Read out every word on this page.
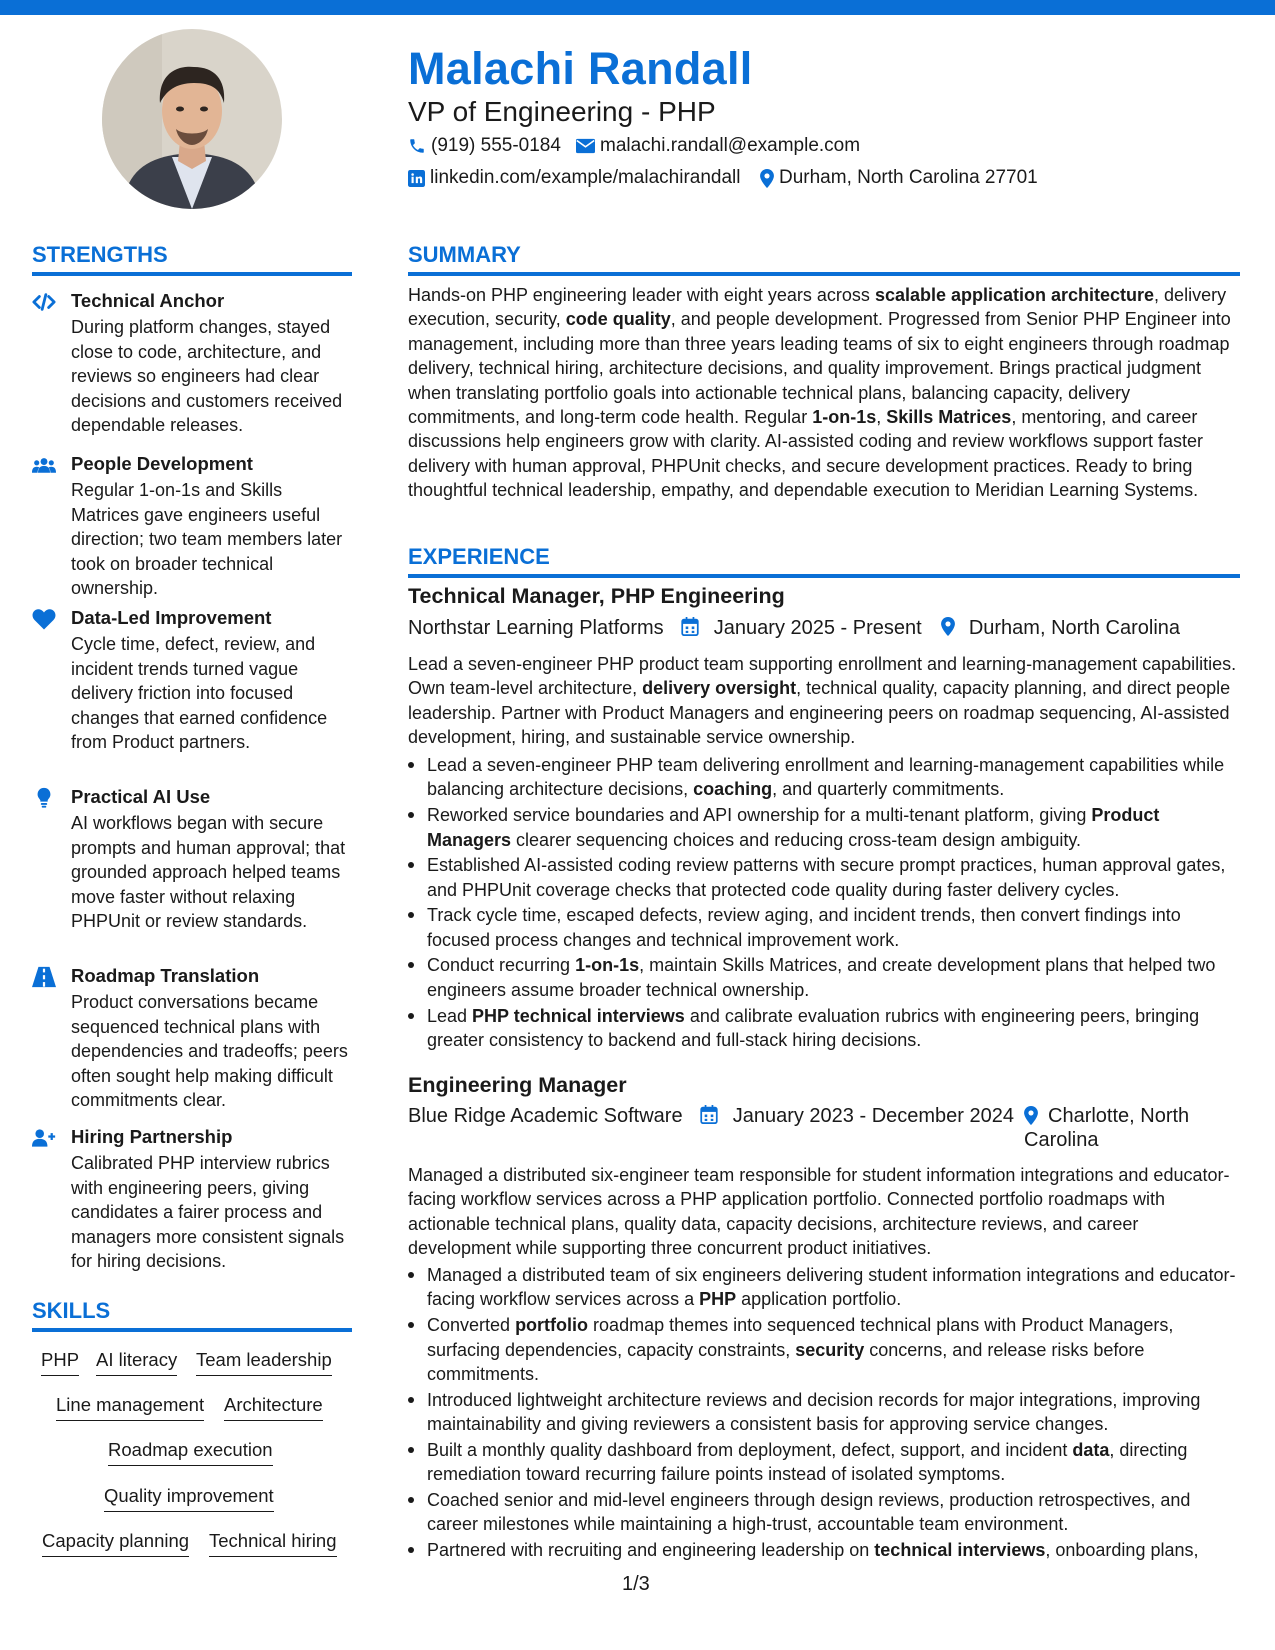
Malachi Randall
VP of Engineering - PHP
(919) 555-0184 malachi.randall@example.com
linkedin.com/example/malachirandall Durham, North Carolina 27701
STRENGTHS
Technical Anchor
During platform changes, stayed close to code, architecture, and reviews so engineers had clear decisions and customers received dependable releases.
People Development
Regular 1-on-1s and Skills Matrices gave engineers useful direction; two team members later took on broader technical ownership.
Data-Led Improvement
Cycle time, defect, review, and incident trends turned vague delivery friction into focused changes that earned confidence from Product partners.
Practical AI Use
AI workflows began with secure prompts and human approval; that grounded approach helped teams move faster without relaxing PHPUnit or review standards.
Roadmap Translation
Product conversations became sequenced technical plans with dependencies and tradeoffs; peers often sought help making difficult commitments clear.
Hiring Partnership
Calibrated PHP interview rubrics with engineering peers, giving candidates a fairer process and managers more consistent signals for hiring decisions.
SKILLS
PHP AI literacy Team leadership
Line management Architecture
Roadmap execution
Quality improvement
Capacity planning Technical hiring
SUMMARY
Hands-on PHP engineering leader with eight years across scalable application architecture, delivery execution, security, code quality, and people development. Progressed from Senior PHP Engineer into management, including more than three years leading teams of six to eight engineers through roadmap delivery, technical hiring, architecture decisions, and quality improvement. Brings practical judgment when translating portfolio goals into actionable technical plans, balancing capacity, delivery commitments, and long-term code health. Regular 1-on-1s, Skills Matrices, mentoring, and career discussions help engineers grow with clarity. AI-assisted coding and review workflows support faster delivery with human approval, PHPUnit checks, and secure development practices. Ready to bring thoughtful technical leadership, empathy, and dependable execution to Meridian Learning Systems.
EXPERIENCE
Technical Manager, PHP Engineering
Northstar Learning Platforms	January 2025 - Present Durham, North Carolina
Lead a seven-engineer PHP product team supporting enrollment and learning-management capabilities. Own team-level architecture, delivery oversight, technical quality, capacity planning, and direct people leadership. Partner with Product Managers and engineering peers on roadmap sequencing, AI-assisted development, hiring, and sustainable service ownership.
Lead a seven-engineer PHP team delivering enrollment and learning-management capabilities while balancing architecture decisions, coaching, and quarterly commitments.
Reworked service boundaries and API ownership for a multi-tenant platform, giving Product Managers clearer sequencing choices and reducing cross-team design ambiguity.
Established AI-assisted coding review patterns with secure prompt practices, human approval gates, and PHPUnit coverage checks that protected code quality during faster delivery cycles.
Track cycle time, escaped defects, review aging, and incident trends, then convert findings into focused process changes and technical improvement work.
Conduct recurring 1-on-1s, maintain Skills Matrices, and create development plans that helped two engineers assume broader technical ownership.
Lead PHP technical interviews and calibrate evaluation rubrics with engineering peers, bringing greater consistency to backend and full-stack hiring decisions.
Engineering Manager
Blue Ridge Academic Software	January 2023 - December 2024	Charlotte, North Carolina
Managed a distributed six-engineer team responsible for student information integrations and educator-facing workflow services across a PHP application portfolio. Connected portfolio roadmaps with actionable technical plans, quality data, capacity decisions, architecture reviews, and career development while supporting three concurrent product initiatives.
Managed a distributed team of six engineers delivering student information integrations and educator-facing workflow services across a PHP application portfolio.
Converted portfolio roadmap themes into sequenced technical plans with Product Managers, surfacing dependencies, capacity constraints, security concerns, and release risks before commitments.
Introduced lightweight architecture reviews and decision records for major integrations, improving maintainability and giving reviewers a consistent basis for approving service changes.
Built a monthly quality dashboard from deployment, defect, support, and incident data, directing remediation toward recurring failure points instead of isolated symptoms.
Coached senior and mid-level engineers through design reviews, production retrospectives, and career milestones while maintaining a high-trust, accountable team environment.
Partnered with recruiting and engineering leadership on technical interviews, onboarding plans,
1/3
